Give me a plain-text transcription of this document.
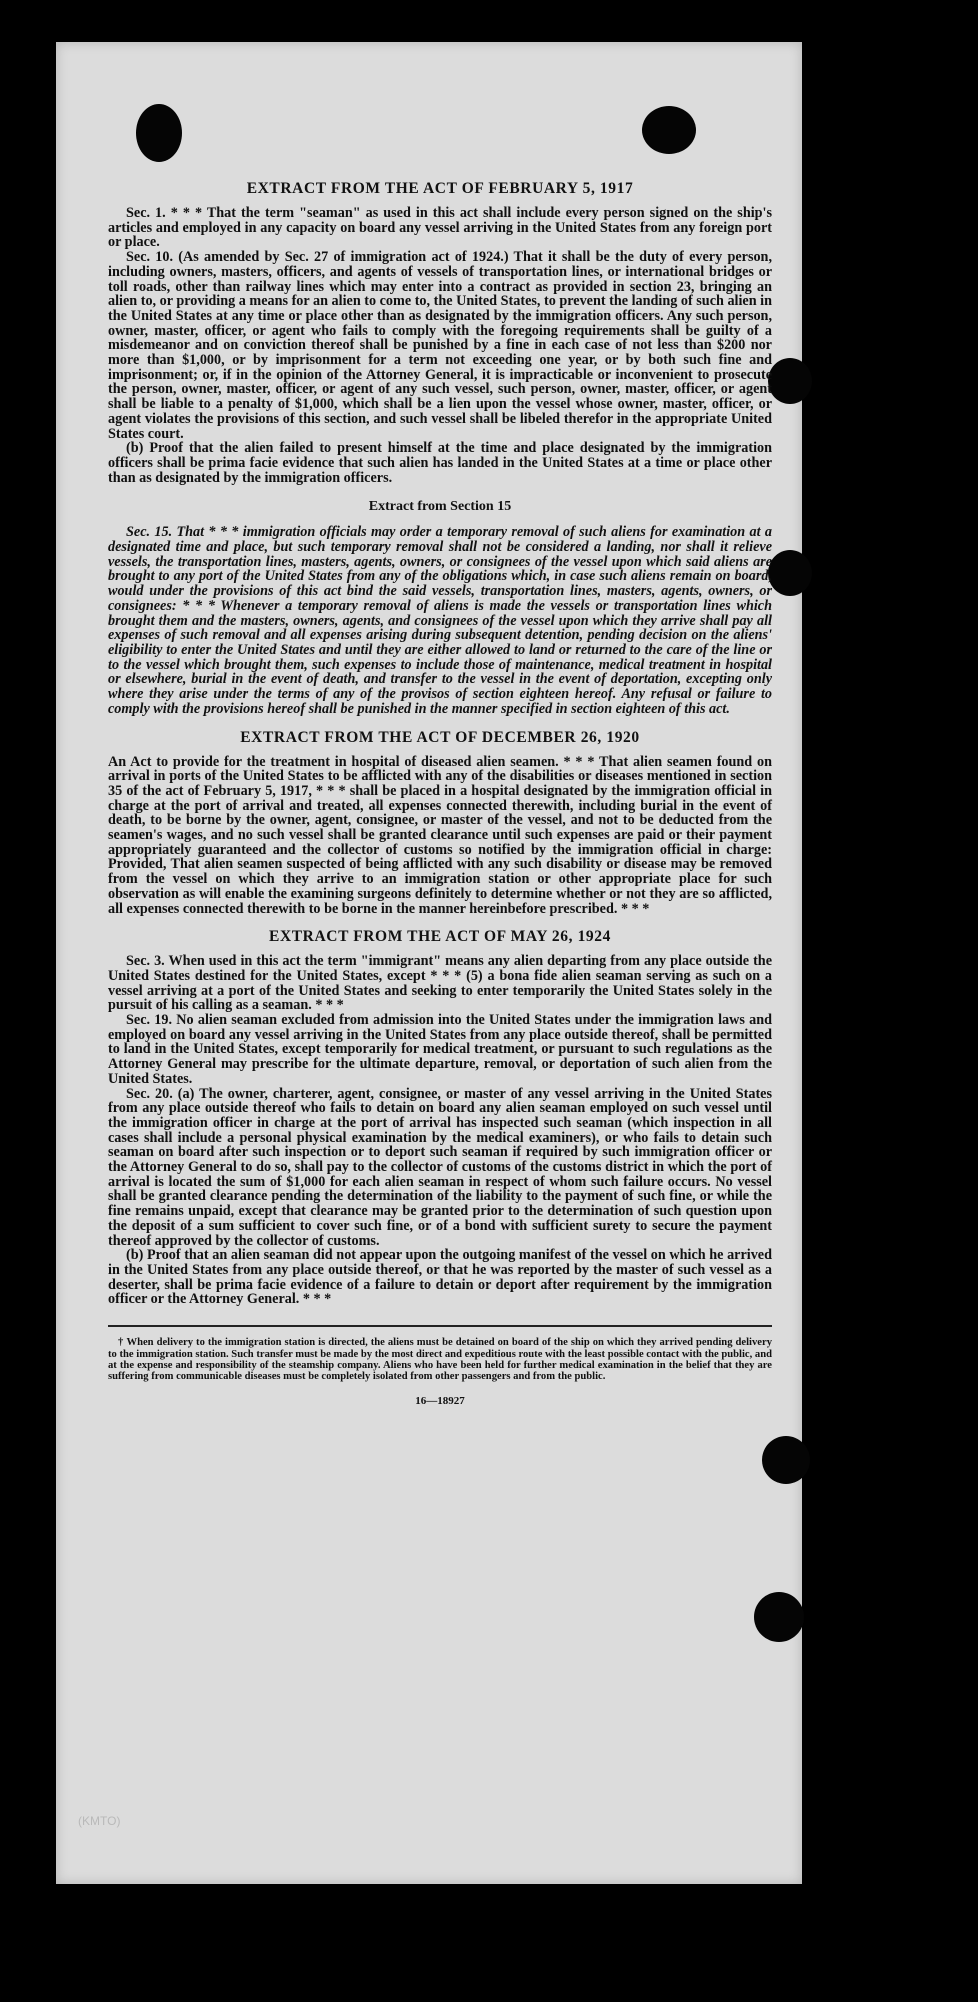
EXTRACT FROM THE ACT OF FEBRUARY 5, 1917

Sec. 1. * * * That the term "seaman" as used in this act shall include every person signed on the ship's articles and employed in any capacity on board any vessel arriving in the United States from any foreign port or place.

Sec. 10. (As amended by Sec. 27 of immigration act of 1924.) That it shall be the duty of every person, including owners, masters, officers, and agents of vessels of transportation lines, or international bridges or toll roads, other than railway lines which may enter into a contract as provided in section 23, bringing an alien to, or providing a means for an alien to come to, the United States, to prevent the landing of such alien in the United States at any time or place other than as designated by the immigration officers. Any such person, owner, master, officer, or agent who fails to comply with the foregoing requirements shall be guilty of a misdemeanor and on conviction thereof shall be punished by a fine in each case of not less than $200 nor more than $1,000, or by imprisonment for a term not exceeding one year, or by both such fine and imprisonment; or, if in the opinion of the Attorney General, it is impracticable or inconvenient to prosecute the person, owner, master, officer, or agent of any such vessel, such person, owner, master, officer, or agent shall be liable to a penalty of $1,000, which shall be a lien upon the vessel whose owner, master, officer, or agent violates the provisions of this section, and such vessel shall be libeled therefor in the appropriate United States court.

(b) Proof that the alien failed to present himself at the time and place designated by the immigration officers shall be prima facie evidence that such alien has landed in the United States at a time or place other than as designated by the immigration officers.

Extract from Section 15

Sec. 15. That * * * immigration officials may order a temporary removal of such aliens for examination at a designated time and place, but such temporary removal shall not be considered a landing, nor shall it relieve vessels, the transportation lines, masters, agents, owners, or consignees of the vessel upon which said aliens are brought to any port of the United States from any of the obligations which, in case such aliens remain on board, would under the provisions of this act bind the said vessels, transportation lines, masters, agents, owners, or consignees: * * * Whenever a temporary removal of aliens is made the vessels or transportation lines which brought them and the masters, owners, agents, and consignees of the vessel upon which they arrive shall pay all expenses of such removal and all expenses arising during subsequent detention, pending decision on the aliens' eligibility to enter the United States and until they are either allowed to land or returned to the care of the line or to the vessel which brought them, such expenses to include those of maintenance, medical treatment in hospital or elsewhere, burial in the event of death, and transfer to the vessel in the event of deportation, excepting only where they arise under the terms of any of the provisos of section eighteen hereof. Any refusal or failure to comply with the provisions hereof shall be punished in the manner specified in section eighteen of this act.

EXTRACT FROM THE ACT OF DECEMBER 26, 1920

An Act to provide for the treatment in hospital of diseased alien seamen. * * * That alien seamen found on arrival in ports of the United States to be afflicted with any of the disabilities or diseases mentioned in section 35 of the act of February 5, 1917, * * * shall be placed in a hospital designated by the immigration official in charge at the port of arrival and treated, all expenses connected therewith, including burial in the event of death, to be borne by the owner, agent, consignee, or master of the vessel, and not to be deducted from the seamen's wages, and no such vessel shall be granted clearance until such expenses are paid or their payment appropriately guaranteed and the collector of customs so notified by the immigration official in charge: Provided, That alien seamen suspected of being afflicted with any such disability or disease may be removed from the vessel on which they arrive to an immigration station or other appropriate place for such observation as will enable the examining surgeons definitely to determine whether or not they are so afflicted, all expenses connected therewith to be borne in the manner hereinbefore prescribed. * * *

EXTRACT FROM THE ACT OF MAY 26, 1924

Sec. 3. When used in this act the term "immigrant" means any alien departing from any place outside the United States destined for the United States, except * * * (5) a bona fide alien seaman serving as such on a vessel arriving at a port of the United States and seeking to enter temporarily the United States solely in the pursuit of his calling as a seaman. * * *

Sec. 19. No alien seaman excluded from admission into the United States under the immigration laws and employed on board any vessel arriving in the United States from any place outside thereof, shall be permitted to land in the United States, except temporarily for medical treatment, or pursuant to such regulations as the Attorney General may prescribe for the ultimate departure, removal, or deportation of such alien from the United States.

Sec. 20. (a) The owner, charterer, agent, consignee, or master of any vessel arriving in the United States from any place outside thereof who fails to detain on board any alien seaman employed on such vessel until the immigration officer in charge at the port of arrival has inspected such seaman (which inspection in all cases shall include a personal physical examination by the medical examiners), or who fails to detain such seaman on board after such inspection or to deport such seaman if required by such immigration officer or the Attorney General to do so, shall pay to the collector of customs of the customs district in which the port of arrival is located the sum of $1,000 for each alien seaman in respect of whom such failure occurs. No vessel shall be granted clearance pending the determination of the liability to the payment of such fine, or while the fine remains unpaid, except that clearance may be granted prior to the determination of such question upon the deposit of a sum sufficient to cover such fine, or of a bond with sufficient surety to secure the payment thereof approved by the collector of customs.

(b) Proof that an alien seaman did not appear upon the outgoing manifest of the vessel on which he arrived in the United States from any place outside thereof, or that he was reported by the master of such vessel as a deserter, shall be prima facie evidence of a failure to detain or deport after requirement by the immigration officer or the Attorney General. * * *

† When delivery to the immigration station is directed, the aliens must be detained on board of the ship on which they arrived pending delivery to the immigration station. Such transfer must be made by the most direct and expeditious route with the least possible contact with the public, and at the expense and responsibility of the steamship company. Aliens who have been held for further medical examination in the belief that they are suffering from communicable diseases must be completely isolated from other passengers and from the public.
16—18927
(KMTO)
